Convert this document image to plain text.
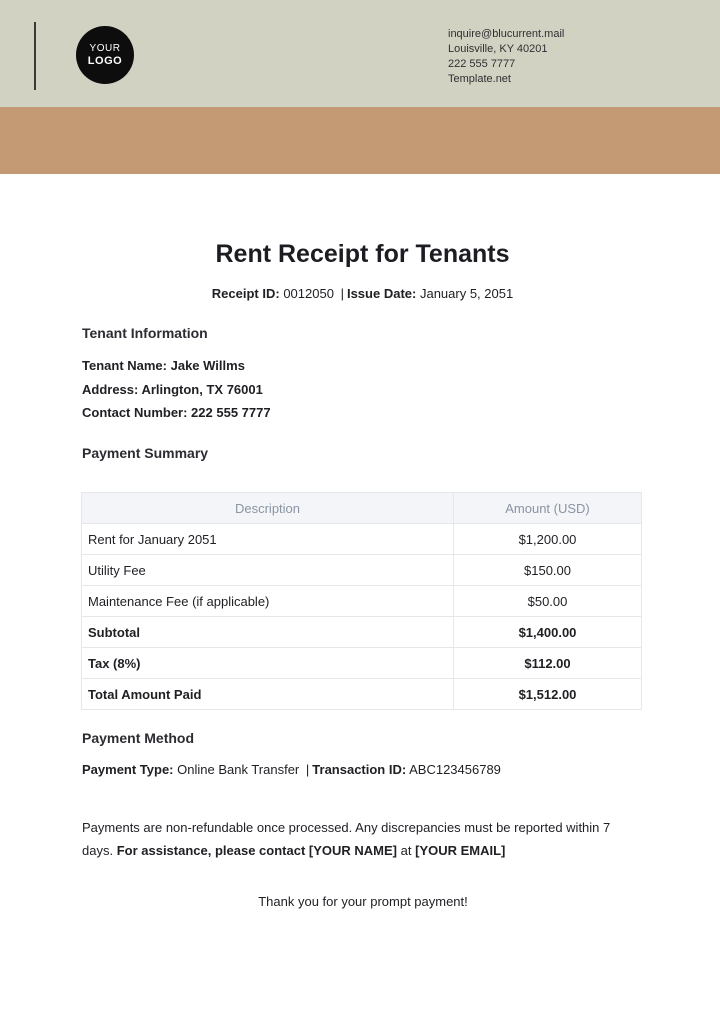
YOUR
LOGO
inquire@blucurrent.mail
Louisville, KY 40201
222 555 7777
Template.net
Rent Receipt for Tenants
Receipt ID: 0012050 | Issue Date: January 5, 2051
Tenant Information
Tenant Name: Jake Willms
Address: Arlington, TX 76001
Contact Number: 222 555 7777
Payment Summary
Description	Amount (USD)
Rent for January 2051	$1,200.00
Utility Fee	$150.00
Maintenance Fee (if applicable)	$50.00
Subtotal	$1,400.00
Tax (8%)	$112.00
Total Amount Paid	$1,512.00
Payment Method
Payment Type: Online Bank Transfer | Transaction ID: ABC123456789

Payments are non-refundable once processed. Any discrepancies must be reported within 7 days. For assistance, please contact [YOUR NAME] at [YOUR EMAIL]

Thank you for your prompt payment!
